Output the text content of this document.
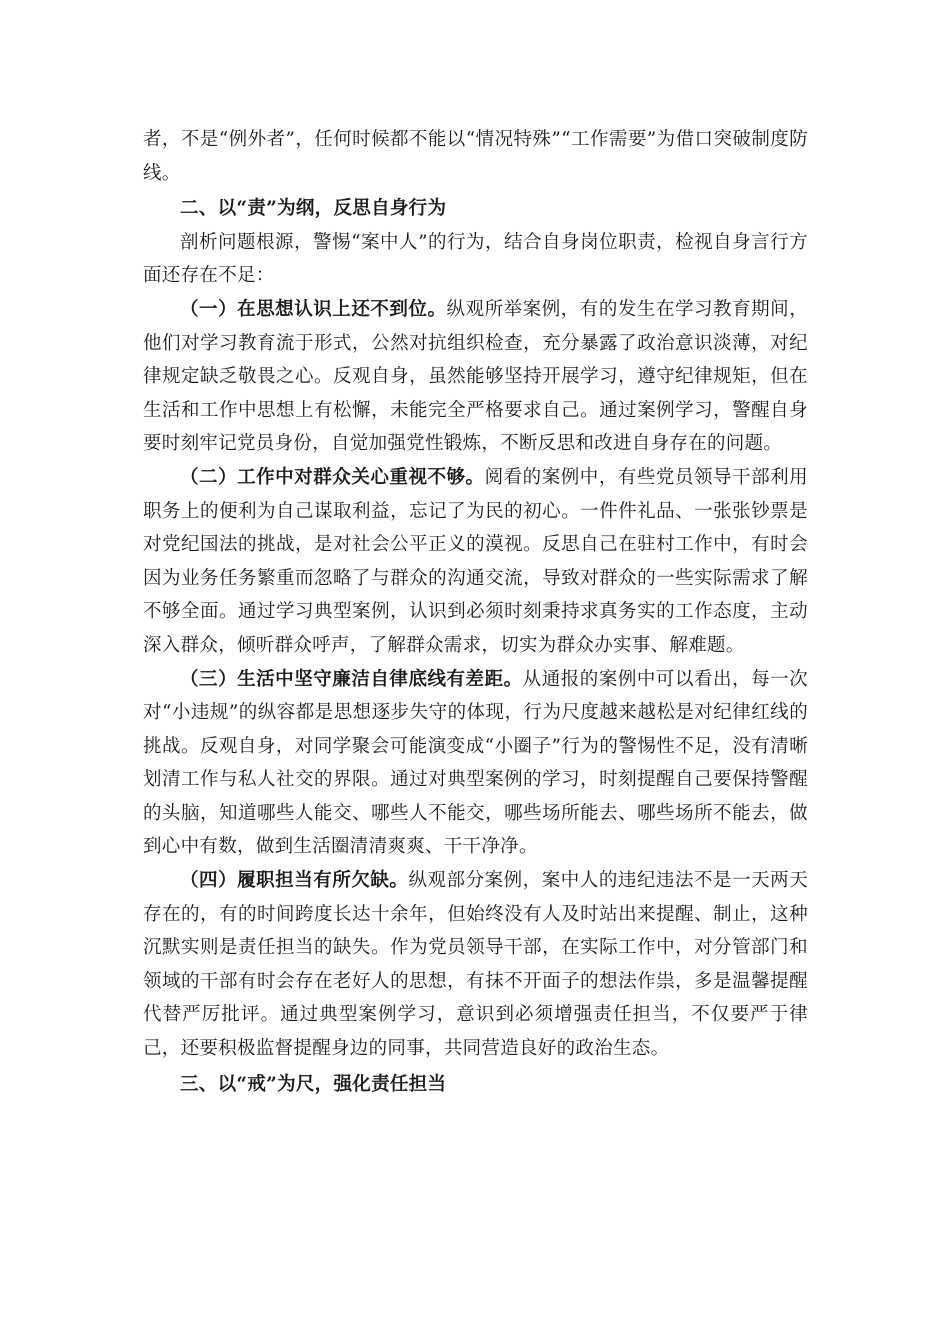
者，不是“例外者”，任何时候都不能以“情况特殊”“工作需要”为借口突破制度防线。

二、以“责”为纲，反思自身行为

剖析问题根源，警惕“案中人”的行为，结合自身岗位职责，检视自身言行方面还存在不足：

（一）在思想认识上还不到位。纵观所举案例，有的发生在学习教育期间，他们对学习教育流于形式，公然对抗组织检查，充分暴露了政治意识淡薄，对纪律规定缺乏敬畏之心。反观自身，虽然能够坚持开展学习，遵守纪律规矩，但在生活和工作中思想上有松懈，未能完全严格要求自己。通过案例学习，警醒自身要时刻牢记党员身份，自觉加强党性锻炼，不断反思和改进自身存在的问题。

（二）工作中对群众关心重视不够。阅看的案例中，有些党员领导干部利用职务上的便利为自己谋取利益，忘记了为民的初心。一件件礼品、一张张钞票是对党纪国法的挑战，是对社会公平正义的漠视。反思自己在驻村工作中，有时会因为业务任务繁重而忽略了与群众的沟通交流，导致对群众的一些实际需求了解不够全面。通过学习典型案例，认识到必须时刻秉持求真务实的工作态度，主动深入群众，倾听群众呼声，了解群众需求，切实为群众办实事、解难题。

（三）生活中坚守廉洁自律底线有差距。从通报的案例中可以看出，每一次对“小违规”的纵容都是思想逐步失守的体现，行为尺度越来越松是对纪律红线的挑战。反观自身，对同学聚会可能演变成“小圈子”行为的警惕性不足，没有清晰划清工作与私人社交的界限。通过对典型案例的学习，时刻提醒自己要保持警醒的头脑，知道哪些人能交、哪些人不能交，哪些场所能去、哪些场所不能去，做到心中有数，做到生活圈清清爽爽、干干净净。

（四）履职担当有所欠缺。纵观部分案例，案中人的违纪违法不是一天两天存在的，有的时间跨度长达十余年，但始终没有人及时站出来提醒、制止，这种沉默实则是责任担当的缺失。作为党员领导干部，在实际工作中，对分管部门和领域的干部有时会存在老好人的思想，有抹不开面子的想法作祟，多是温馨提醒代替严厉批评。通过典型案例学习，意识到必须增强责任担当，不仅要严于律己，还要积极监督提醒身边的同事，共同营造良好的政治生态。

三、以“戒”为尺，强化责任担当
